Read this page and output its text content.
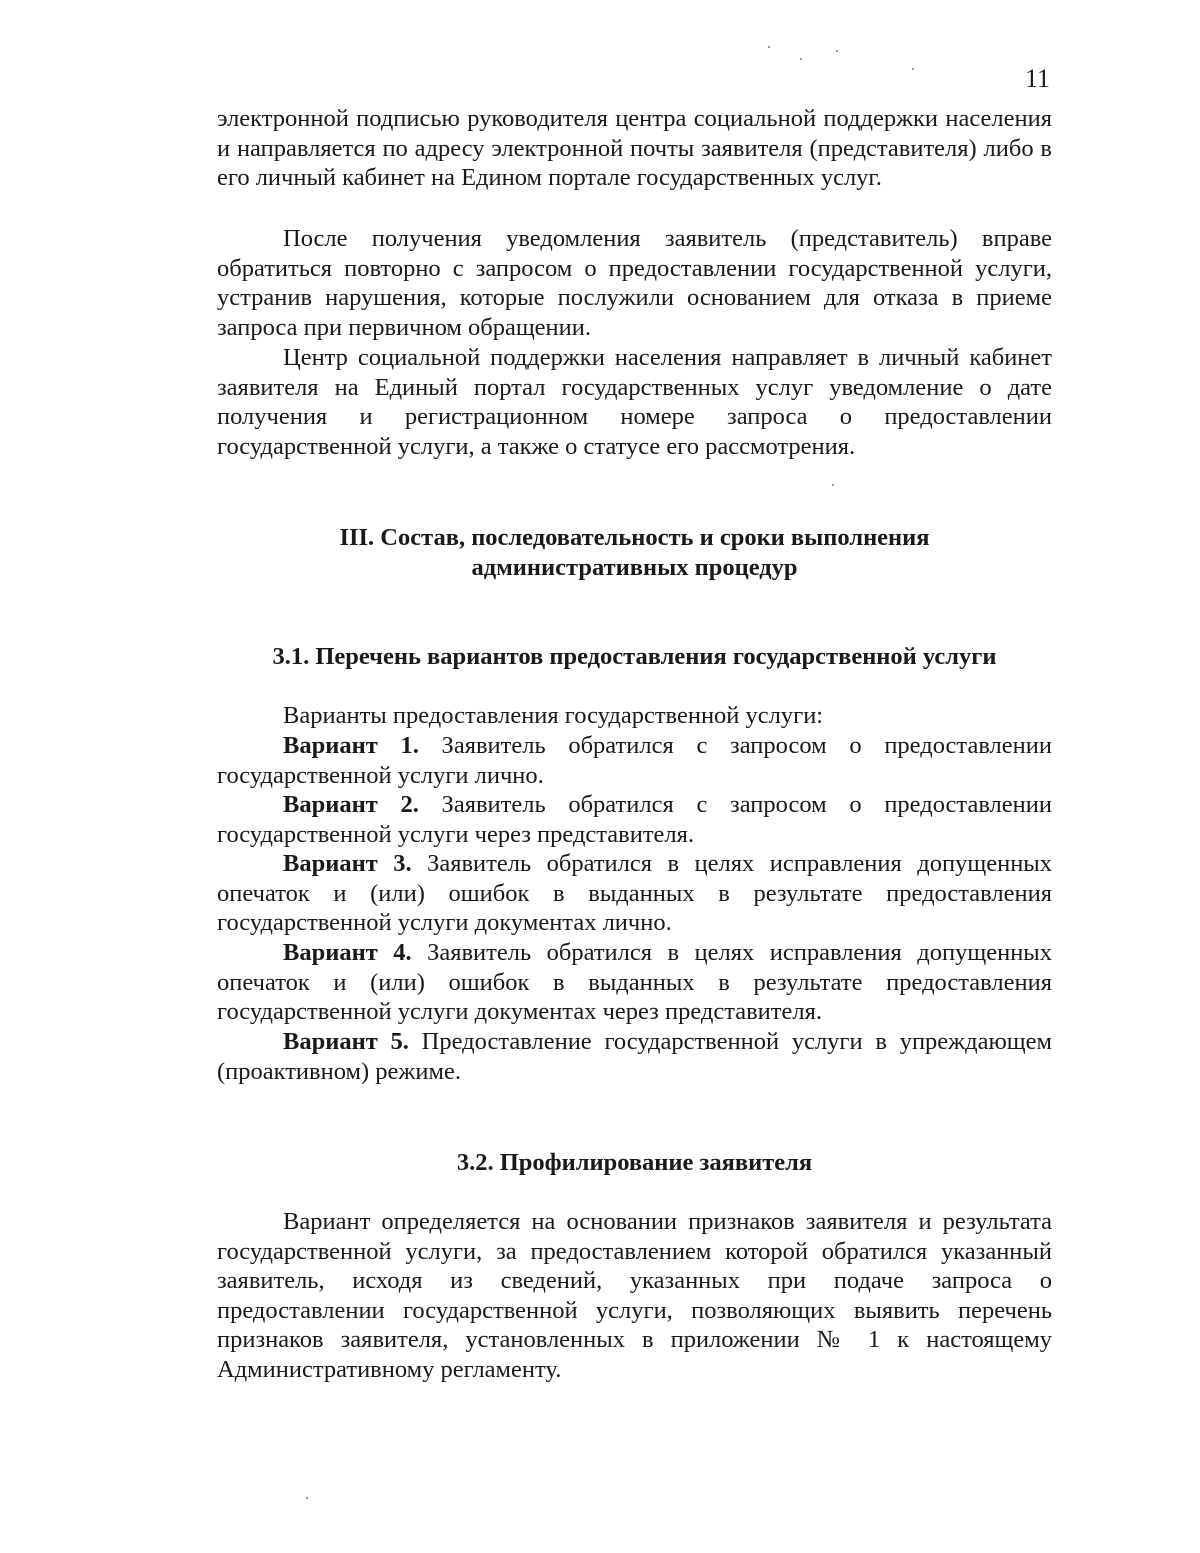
11

электронной подписью руководителя центра социальной поддержки населения и направляется по адресу электронной почты заявителя (представителя) либо в его личный кабинет на Едином портале государственных услуг.

После получения уведомления заявитель (представитель) вправе обратиться повторно с запросом о предоставлении государственной услуги, устранив нарушения, которые послужили основанием для отказа в приеме запроса при первичном обращении.

Центр социальной поддержки населения направляет в личный кабинет заявителя на Единый портал государственных услуг уведомление о дате получения и регистрационном номере запроса о предоставлении государственной услуги, а также о статусе его рассмотрения.

III. Состав, последовательность и сроки выполнения
административных процедур
3.1. Перечень вариантов предоставления государственной услуги

Варианты предоставления государственной услуги:

Вариант 1. Заявитель обратился с запросом о предоставлении государственной услуги лично.

Вариант 2. Заявитель обратился с запросом о предоставлении государственной услуги через представителя.

Вариант 3. Заявитель обратился в целях исправления допущенных опечаток и (или) ошибок в выданных в результате предоставления государственной услуги документах лично.

Вариант 4. Заявитель обратился в целях исправления допущенных опечаток и (или) ошибок в выданных в результате предоставления государственной услуги документах через представителя.

Вариант 5. Предоставление государственной услуги в упреждающем (проактивном) режиме.

3.2. Профилирование заявителя

Вариант определяется на основании признаков заявителя и результата государственной услуги, за предоставлением которой обратился указанный заявитель, исходя из сведений, указанных при подаче запроса о предоставлении государственной услуги, позволяющих выявить перечень признаков заявителя, установленных в приложении № 1 к настоящему Административному регламенту.
